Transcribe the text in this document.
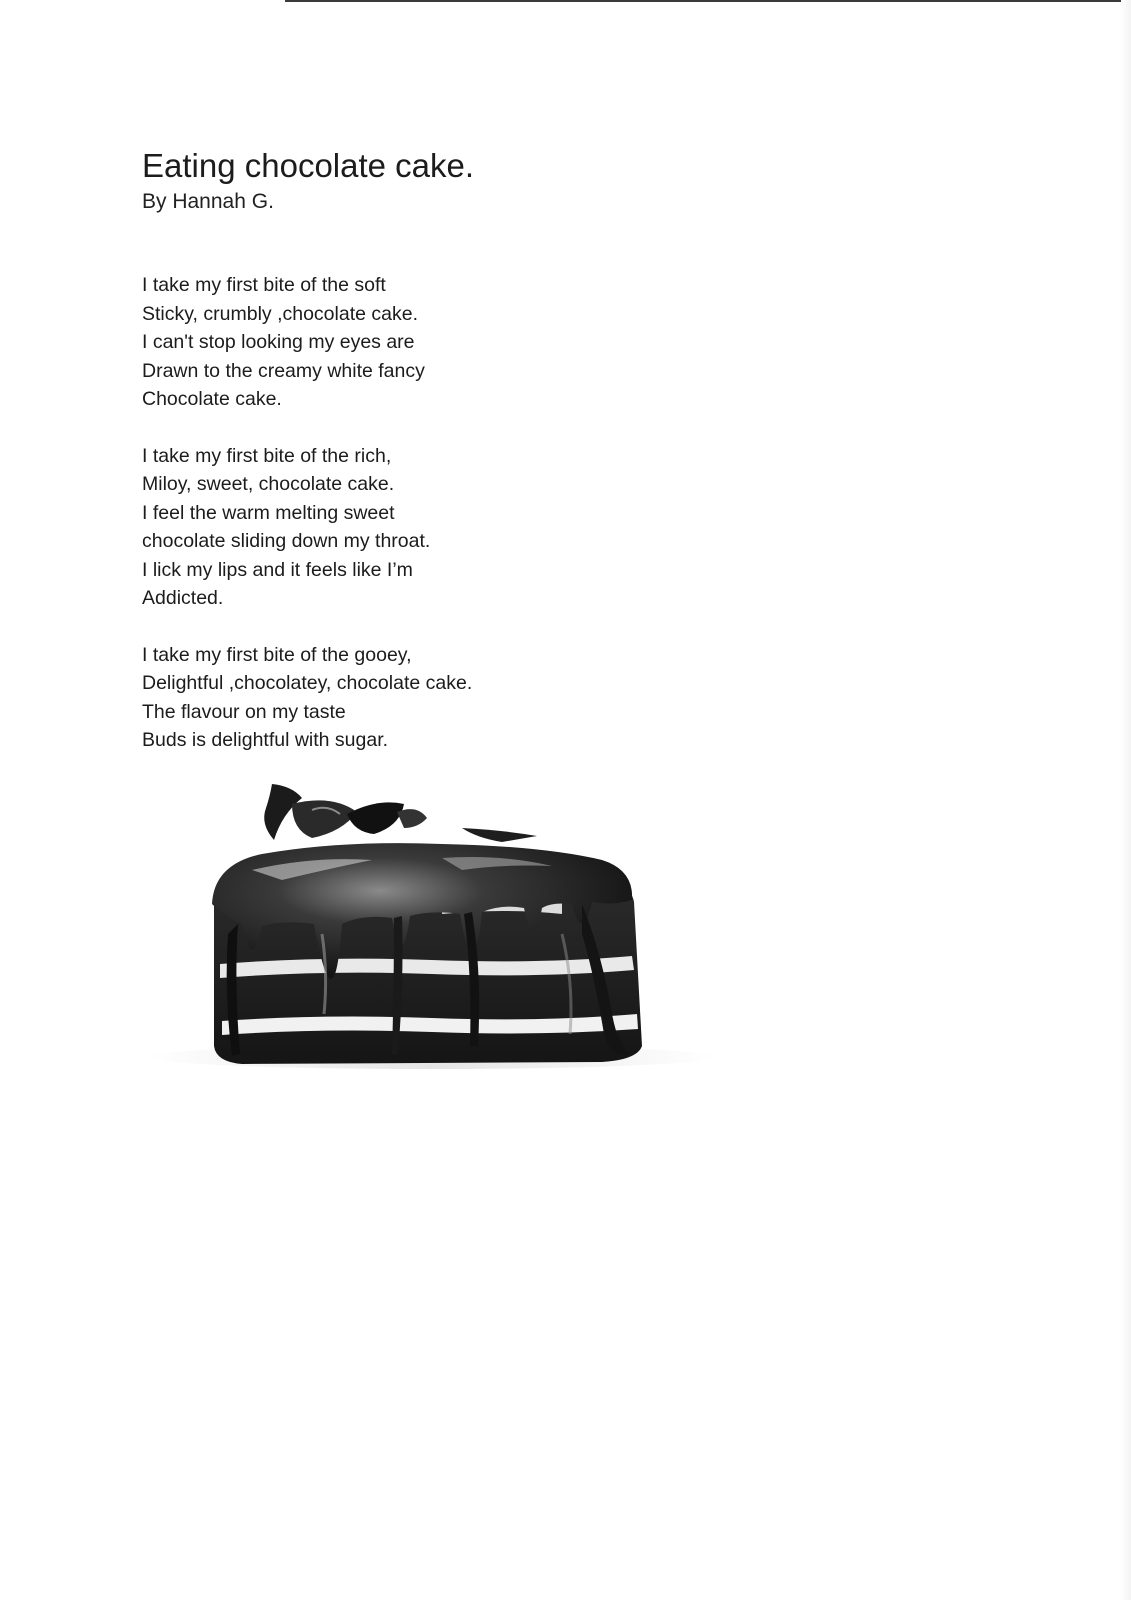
Eating chocolate cake.
By Hannah G.
I take my first bite of the soft
Sticky, crumbly ,chocolate cake.
I can't stop looking my eyes are
Drawn to the creamy white fancy
Chocolate cake.
I take my first bite of the rich,
Miloy, sweet, chocolate cake.
I feel the warm melting sweet
chocolate sliding down my throat.
I lick my lips and it feels like I’m
Addicted.
I take my first bite of the gooey,
Delightful ,chocolatey, chocolate cake.
The flavour on my taste
Buds is delightful with sugar.
